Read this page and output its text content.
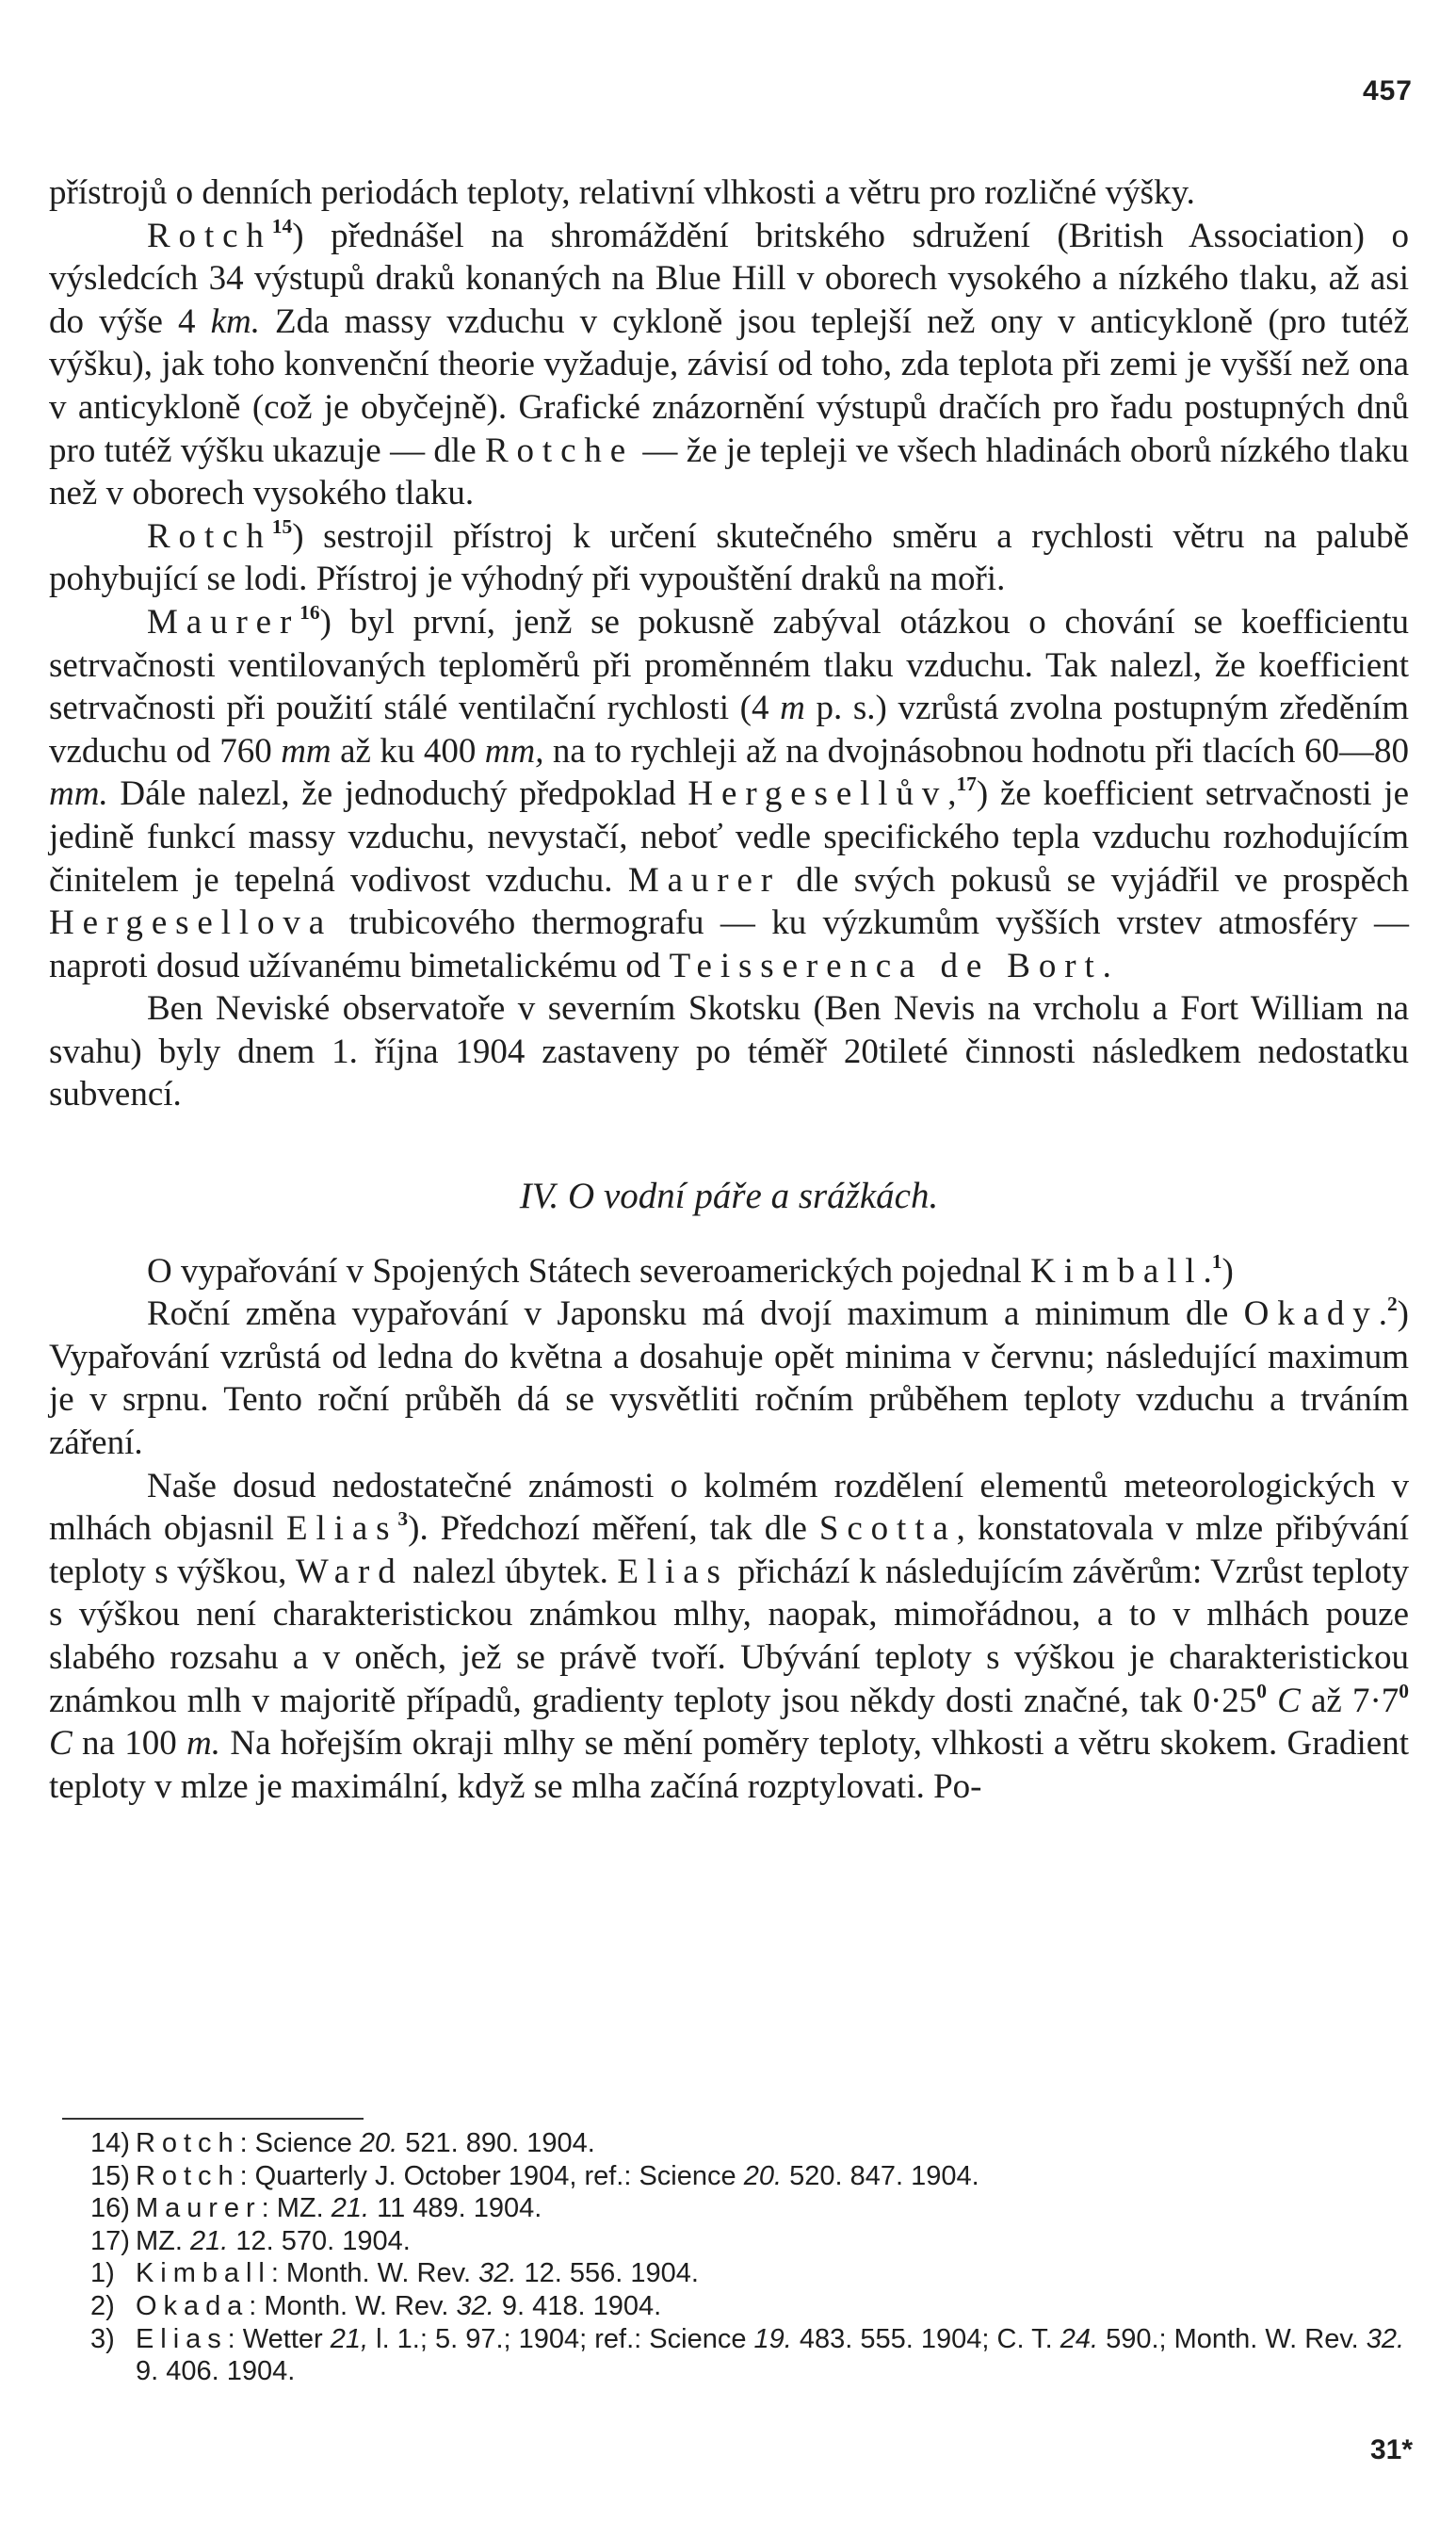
457

přístrojů o denních periodách teploty, relativní vlhkosti a větru pro rozličné výšky.

Rotch$^{14}$) přednášel na shromáždění britského sdružení (British Association) o výsledcích 34 výstupů draků konaných na Blue Hill v oborech vysokého a nízkého tlaku, až asi do výše 4 km. Zda massy vzduchu v cykloně jsou teplejší než ony v anticykloně (pro tutéž výšku), jak toho konvenční theorie vyžaduje, závisí od toho, zda teplota při zemi je vyšší než ona v anticykloně (což je obyčejně). Grafické znázornění výstupů dračích pro řadu postupných dnů pro tutéž výšku ukazuje — dle Rotche — že je tepleji ve všech hladinách oborů nízkého tlaku než v oborech vysokého tlaku.

Rotch$^{15}$) sestrojil přístroj k určení skutečného směru a rychlosti větru na palubě pohybující se lodi. Přístroj je výhodný při vypouštění draků na moři.

Maurer$^{16}$) byl první, jenž se pokusně zabýval otázkou o chování se koefficientu setrvačnosti ventilovaných teploměrů při proměnném tlaku vzduchu. Tak nalezl, že koefficient setrvačnosti při použití stálé ventilační rychlosti (4 m p. s.) vzrůstá zvolna postupným zředěním vzduchu od 760 mm až ku 400 mm, na to rychleji až na dvojnásobnou hodnotu při tlacích 60—80 mm. Dále nalezl, že jednoduchý předpoklad Hergesellův,$^{17}$) že koefficient setrvačnosti je jedině funkcí massy vzduchu, nevystačí, neboť vedle specifického tepla vzduchu rozhodujícím činitelem je tepelná vodivost vzduchu. Maurer dle svých pokusů se vyjádřil ve prospěch Hergesellova trubicového thermografu — ku výzkumům vyšších vrstev atmosféry — naproti dosud užívanému bimetalickému od Teisserenca de Bort.

Ben Neviské observatoře v severním Skotsku (Ben Nevis na vrcholu a Fort William na svahu) byly dnem 1. října 1904 zastaveny po téměř 20tileté činnosti následkem nedostatku subvencí.

IV. O vodní páře a srážkách.

O vypařování v Spojených Státech severoamerických pojednal Kimball.$^1$)

Roční změna vypařování v Japonsku má dvojí maximum a minimum dle Okady.$^2$) Vypařování vzrůstá od ledna do května a dosahuje opět minima v červnu; následující maximum je v srpnu. Tento roční průběh dá se vysvětliti ročním průběhem teploty vzduchu a trváním záření.

Naše dosud nedostatečné známosti o kolmém rozdělení elementů meteorologických v mlhách objasnil Elias$^3$). Předchozí měření, tak dle Scotta, konstatovala v mlze přibývání teploty s výškou, Ward nalezl úbytek. Elias přichází k následujícím závěrům: Vzrůst teploty s výškou není charakteristickou známkou mlhy, naopak, mimořádnou, a to v mlhách pouze slabého rozsahu a v oněch, jež se právě tvoří. Ubývání teploty s výškou je charakteristickou známkou mlh v majoritě případů, gradienty teploty jsou někdy dosti značné, tak $0\cdot 25^0$ C až $7\cdot 7^0$ C na 100 m. Na hořejším okraji mlhy se mění poměry teploty, vlhkosti a větru skokem. Gradient teploty v mlze je maximální, když se mlha začíná rozptylovati. Po-

14) Rotch: Science 20. 521. 890. 1904.

15) Rotch: Quarterly J. October 1904, ref.: Science 20. 520. 847. 1904.

16) Maurer: MZ. 21. 11 489. 1904.

17) MZ. 21. 12. 570. 1904.

1) Kimball: Month. W. Rev. 32. 12. 556. 1904.

2) Okada: Month. W. Rev. 32. 9. 418. 1904.

3) Elias: Wetter 21, l. 1.; 5. 97.; 1904; ref.: Science 19. 483. 555. 1904; C. T. 24. 590.; Month. W. Rev. 32. 9. 406. 1904.

31*
